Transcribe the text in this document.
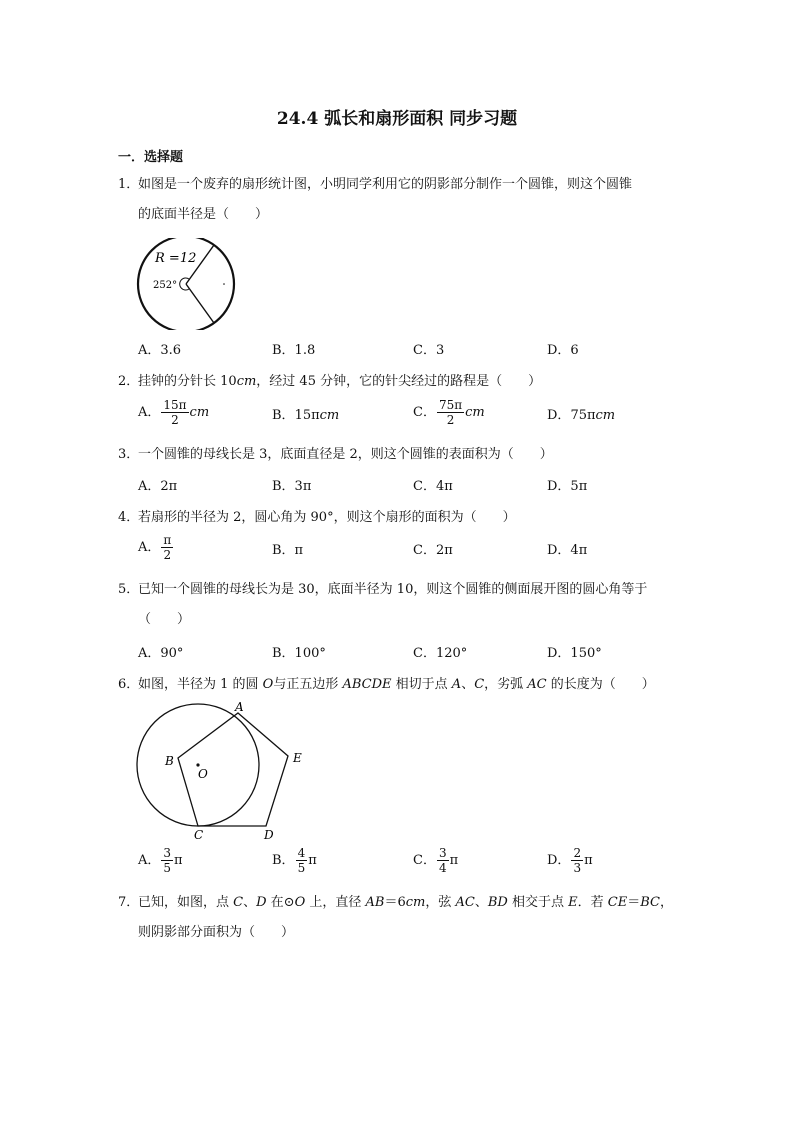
24.4 弧长和扇形面积 同步习题
一．选择题
1．如图是一个废弃的扇形统计图，小明同学利用它的阴影部分制作一个圆锥，则这个圆锥
的底面半径是（　　）
R =12
252°
A．3.6	B．1.8	C．3	D．6
2．挂钟的分针长 10cm，经过 45 分钟，它的针尖经过的路程是（　　）
A． $\frac{15\pi}{2}$ cm	B．15πcm	C． $\frac{75\pi}{2}$ cm	D．75πcm
3．一个圆锥的母线长是 3，底面直径是 2，则这个圆锥的表面积为（　　）
A．2π	B．3π	C．4π	D．5π
4．若扇形的半径为 2，圆心角为 90°，则这个扇形的面积为（　　）
A． $\frac{\pi}{2}$	B．π	C．2π	D．4π
5．已知一个圆锥的母线长为是 30，底面半径为 10，则这个圆锥的侧面展开图的圆心角等于
（　　）
A．90°	B．100°	C．120°	D．150°
6．如图，半径为 1 的圆 O与正五边形 ABCDE 相切于点 A、C，劣弧 AC 的长度为（　　）
A
B
C	D
E
O
A． $\frac{3}{5}$ π	B． $\frac{4}{5}$ π	C． $\frac{3}{4}$ π	D． $\frac{2}{3}$ π
7．已知，如图，点 C、D 在⊙O 上，直径 AB＝6cm，弦 AC、BD 相交于点 E．若 CE＝BC，
则阴影部分面积为（　　）
